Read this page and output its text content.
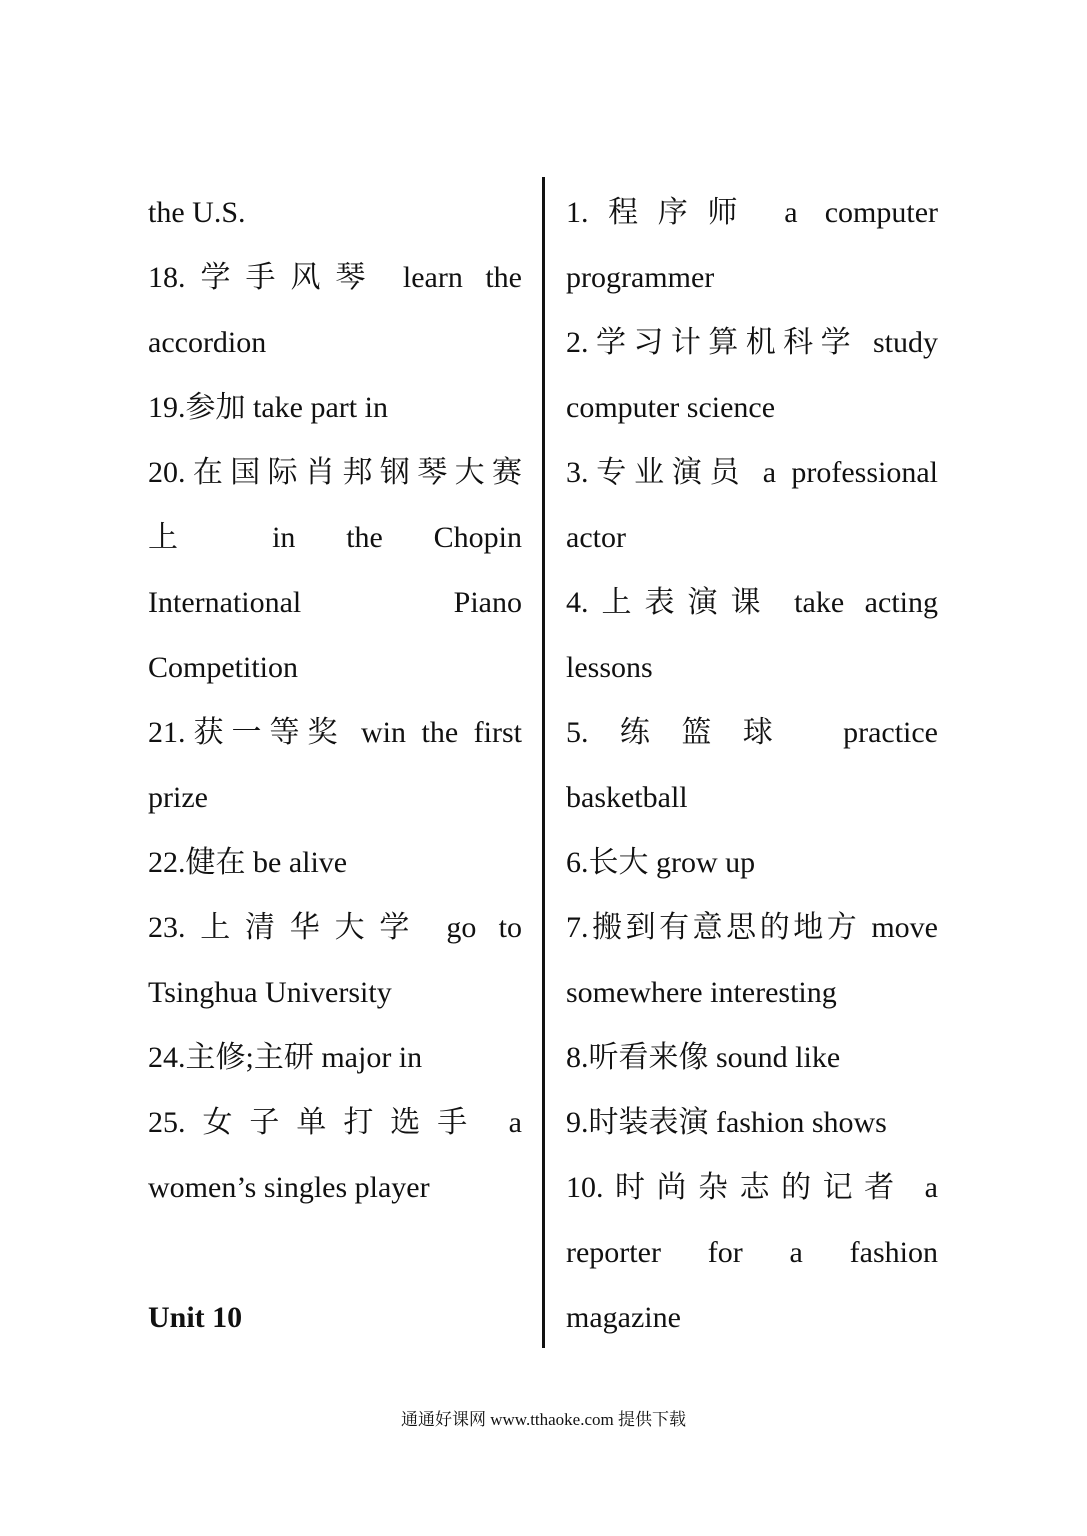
the U.S.
18.学手风琴 learn the
accordion
19.参加 take part in
20.在国际肖邦钢琴大赛
上 in the Chopin
International Piano
Competition
21.获一等奖 win the first
prize
22.健在 be alive
23.上清华大学 go to
Tsinghua University
24.主修;主研 major in
25.女子单打选手 a
women’s singles player
Unit 10
1.程序师 a computer
programmer
2.学习计算机科学 study
computer science
3.专业演员 a professional
actor
4.上表演课 take acting
lessons
5.练篮球 practice
basketball
6.长大 grow up
7.搬到有意思的地方 move
somewhere interesting
8.听看来像 sound like
9.时装表演 fashion shows
10.时尚杂志的记者 a
reporter for a fashion
magazine
通通好课网 www.tthaoke.com 提供下载
